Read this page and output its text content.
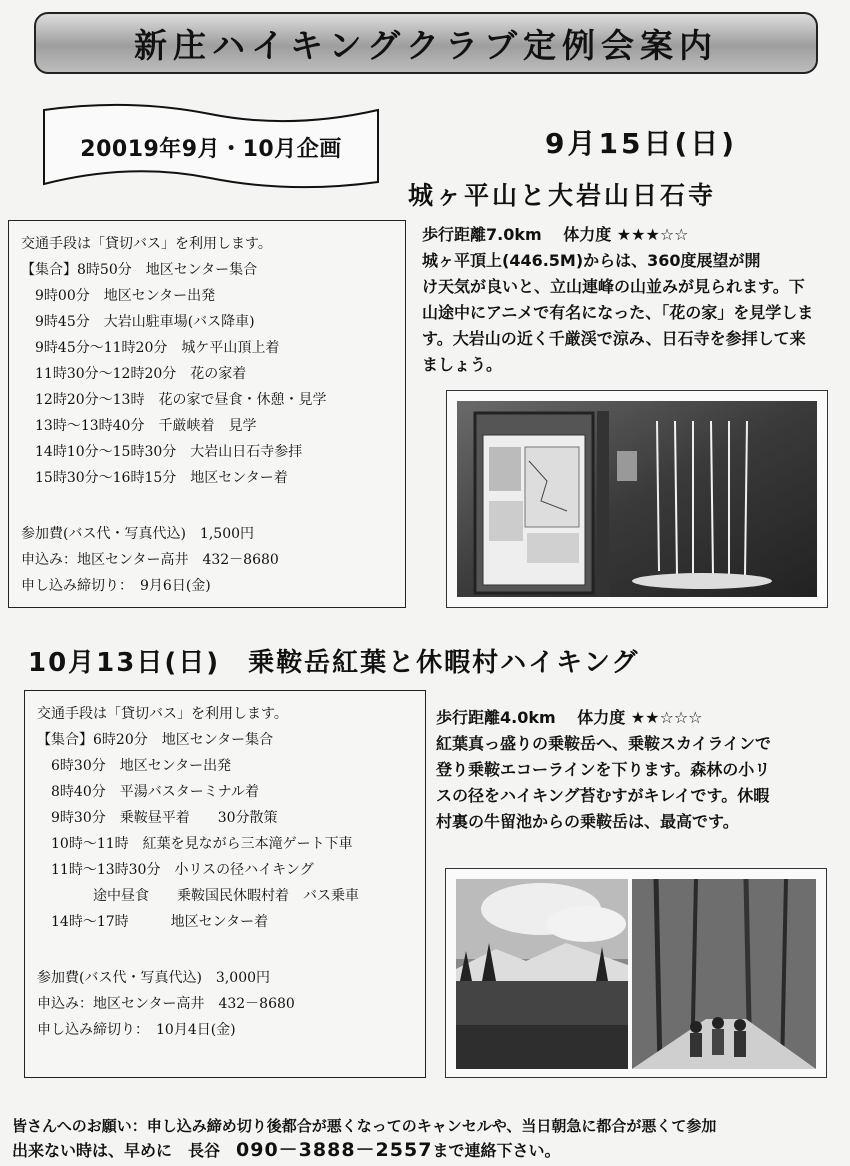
新庄ハイキングクラブ定例会案内
20019年9月・10月企画	9月15日(日)
城ヶ平山と大岩山日石寺
歩行距離7.0km　 体力度 ★★★☆☆
城ヶ平頂上(446.5M)からは、360度展望が開
け天気が良いと、立山連峰の山並みが見られます。下
山途中にアニメで有名になった、「花の家」を見学しま
す。大岩山の近く千厳渓で涼み、日石寺を参拝して来
ましょう。
交通手段は「貸切バス」を利用します。
【集合】8時50分　地区センター集合
　9時00分　地区センター出発
　9時45分　大岩山駐車場(バス降車)
　9時45分～11時20分　城ケ平山頂上着
　11時30分～12時20分　花の家着
　12時20分～13時　花の家で昼食・休憩・見学
　13時～13時40分　千厳峡着　見学
　14時10分～15時30分　大岩山日石寺参拝
　15時30分～16時15分　地区センター着
参加費(バス代・写真代込)　1,500円
申込み：地区センター高井　432－8680
申し込み締切り：　9月6日(金)
10月13日(日)　乗鞍岳紅葉と休暇村ハイキング
交通手段は「貸切バス」を利用します。
【集合】6時20分　地区センター集合
　6時30分　地区センター出発
　8時40分　平湯バスターミナル着
　9時30分　乗鞍昼平着　　30分散策
　10時～11時　紅葉を見ながら三本滝ゲート下車
　11時～13時30分　小リスの径ハイキング
　　　　途中昼食　　乗鞍国民休暇村着　バス乗車
　14時～17時　　　地区センター着
参加費(バス代・写真代込)　3,000円
申込み：地区センター高井　432－8680
申し込み締切り：　10月4日(金)
歩行距離4.0km　 体力度 ★★☆☆☆
紅葉真っ盛りの乗鞍岳へ、乗鞍スカイラインで
登り乗鞍エコーラインを下ります。森林の小リ
スの径をハイキング苔むすがキレイです。休暇
村裏の牛留池からの乗鞍岳は、最高です。
皆さんへのお願い：申し込み締め切り後都合が悪くなってのキャンセルや、当日朝急に都合が悪くて参加
出来ない時は、早めに　長谷　090－3888－2557まで連絡下さい。
